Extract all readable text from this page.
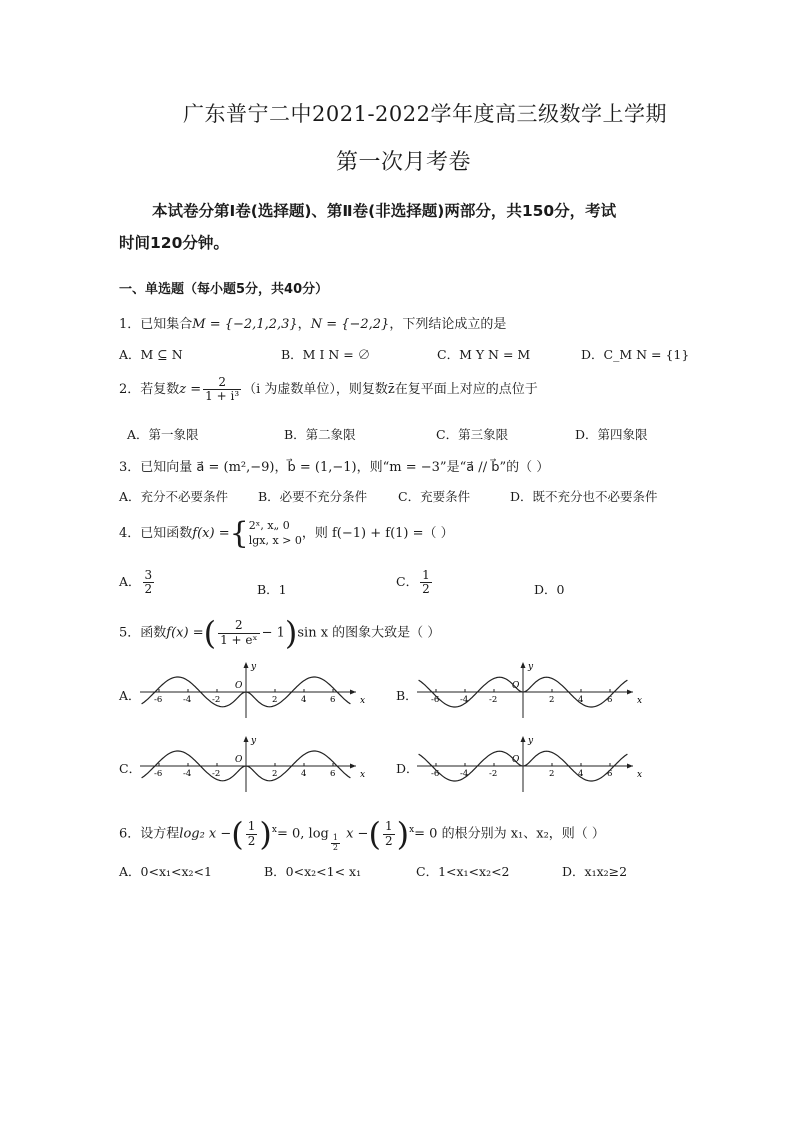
广东普宁二中2021-2022学年度高三级数学上学期
第一次月考卷
本试卷分第Ⅰ卷(选择题)、第Ⅱ卷(非选择题)两部分，共150分，考试
时间120分钟。
一、单选题（每小题5分，共40分）
1．已知集合M = {−2,1,2,3}，N = {−2,2}，下列结论成立的是
A．M ⊆ N	B．M I N = ∅	C．M Y N = M	D．C_M N = {1}
2．若复数$z = \frac{2}{\text{1 + i³}} (i$ 为虚数单位），则复数z̄在复平面上对应的点位于
A．第一象限	B．第二象限	C．第三象限	D．第四象限
3．已知向量 a⃗ = (m²,−9)，b⃗ = (1,−1)，则“m = −3”是“a⃗ // b⃗”的（ ）
A．充分不必要条件 B．必要不充分条件 C．充要条件	D．既不充分也不必要条件
4．已知函数f(x) ={ 2ˣ, x„ 0
lgx, x > 0 ，则 f(−1) + f(1) =（ ）
A． $\frac{3}{2}$	B．1
C． $\frac{1}{2}$	D．0
5．函数f(x) =( $\frac{2}{\text{1 + eˣ}} - 1)\sin$ x 的图象大致是（ ）
A．	B．
C．	D．
x
y
O
-6 -4 -2	2	4	6	x
y
O
-6 -4 -2	2	4	6
x
y
O
-6 -4 -2	2	4	6	x
y
O
-6 -4 -2	2	4	6
6．设方程log₂ x −( $\frac{1}{2} )^x= 0$, $\log \frac{1}{2}$ x −( $\frac{1}{2} )^x= 0$ 的根分别为 x₁、x₂，则（ ）
A．0<x₁<x₂<1	B．0<x₂<1< x₁	C．1<x₁<x₂<2	D．x₁x₂≥2
